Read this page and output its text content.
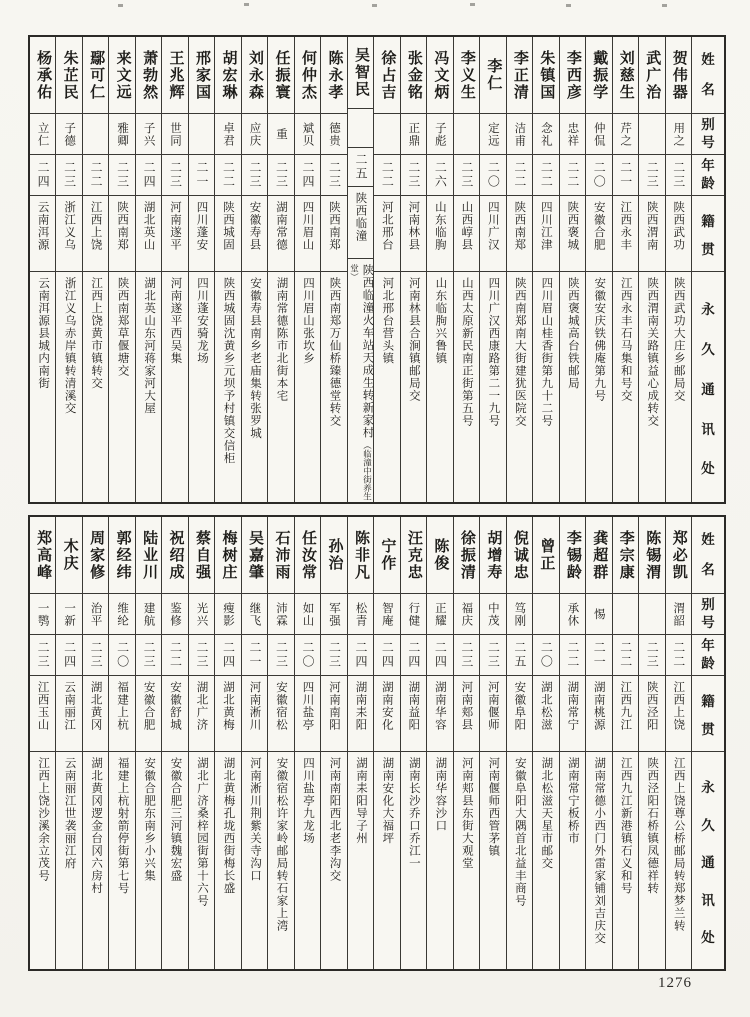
姓
名
别
号
年
龄
籍
贯
永
久
通
讯
处
贺伟器
用之
二三
陕西武功
陕西武功大庄乡邮局交
武广治
二三
陕西渭南
陕西渭南关路镇益心成转交
刘慈生
芹之
二一
江西永丰
江西永丰石马集和号交
戴振学
仲侃
二〇
安徽合肥
安徽安庆铁佛庵第九号
李西彦
忠祥
二二
陕西褒城
陕西褒城高台铁邮局
朱镇国
念礼
二二
四川江津
四川眉山桂香街第九十二号
李正清
洁甫
二二
陕西南郑
陕西南郑南大街建犹医院交
李仁
定远
二〇
四川广汉
四川广汉西康路第二一九号
李义生
二三
山西崞县
山西太原新民南正街第五号
冯文炳
子彪
二六
山东临朐
山东临朐兴鲁镇
张金铭
正鼎
二三
河南林县
河南林县合涧镇邮局交
徐占吉
二二
河北邢台
河北邢台营头镇
吴智民
二五
陕西临潼
陕西临潼火车站天成生转新家村（临潼中街养生堂）
陈永孝
德贵
二三
陕西南郑
陕西南郑万仙桥臻德堂转交
何仲杰
斌贝
二四
四川眉山
四川眉山张坎乡
任振寰
重
二三
湖南常德
湖南常德陈市北街本宅
刘永森
应庆
二三
安徽寿县
安徽寿县南乡老庙集转张罗城
胡宏琳
卓君
二二
陕西城固
陕西城固沈黄乡元坝予村镇交信柜
邢家国
二一
四川蓬安
四川蓬安骑龙场
王兆辉
世同
二三
河南遂平
河南遂平西吴集
萧勃然
子兴
二四
湖北英山
湖北英山东河蒋家河大屋
来文远
雅卿
二三
陕西南郑
陕西南郑草偃塘交
鄢可仁
二二
江西上饶
江西上饶黄市镇转交
朱芷民
子德
二三
浙江义乌
浙江义乌赤岸镇转清溪交
杨承佑
立仁
二四
云南洱源
云南洱源县城内南街
姓
名
别
号
年
龄
籍
贯
永
久
通
讯
处
郑必凯
渭韶
二二
江西上饶
江西上饶尊公桥邮局转郑梦兰转
陈锡渭
二三
陕西泾阳
陕西泾阳石桥镇凤德祥转
李宗康
二二
江西九江
江西九江新港镇石义和号
龚超群
惕
二一
湖南桃源
湖南常德小西门外雷家铺刘吉庆交
李锡龄
承休
二二
湖南常宁
湖南常宁板桥市
曾正
二〇
湖北松滋
湖北松滋天星市邮交
倪诚忠
笃刚
二五
安徽阜阳
安徽阜阳大隅首北益丰商号
胡增寿
中茂
二三
河南偃师
河南偃师西管茅镇
徐振清
福庆
二三
河南郏县
河南郏县东街大观堂
陈俊
正耀
二四
湖南华容
湖南华容沙口
汪克忠
行健
二四
湖南益阳
湖南长沙乔口乔江一
宁作
智庵
二四
湖南安化
湖南安化大福坪
陈非凡
松青
二四
湖南耒阳
湖南耒阳导子州
孙治
军强
二三
河南南阳
河南南阳西北老李沟交
任汝常
如山
二〇
四川盐亭
四川盐亭九龙场
石沛雨
沛霖
二三
安徽宿松
安徽宿松许家岭邮局转石家上湾
吴嘉肇
继飞
二一
河南淅川
河南淅川荆紫关寺沟口
梅树庄
瘦影
二四
湖北黄梅
湖北黄梅孔垅西街梅长盛
蔡自强
光兴
二三
湖北广济
湖北广济桑梓园街第十六号
祝绍成
鉴修
二二
安徽舒城
安徽合肥三河镇魏宏盛
陆业川
建航
二三
安徽合肥
安徽合肥东南乡小兴集
郭经纬
维纶
二〇
福建上杭
福建上杭射箭停街第七号
周家修
治平
二三
湖北黄冈
湖北黄冈逻金台冈六房村
木庆
一新
二四
云南丽江
云南丽江世袭丽江府
郑高峰
一鹗
二三
江西玉山
江西上饶沙溪余立茂号
1276
